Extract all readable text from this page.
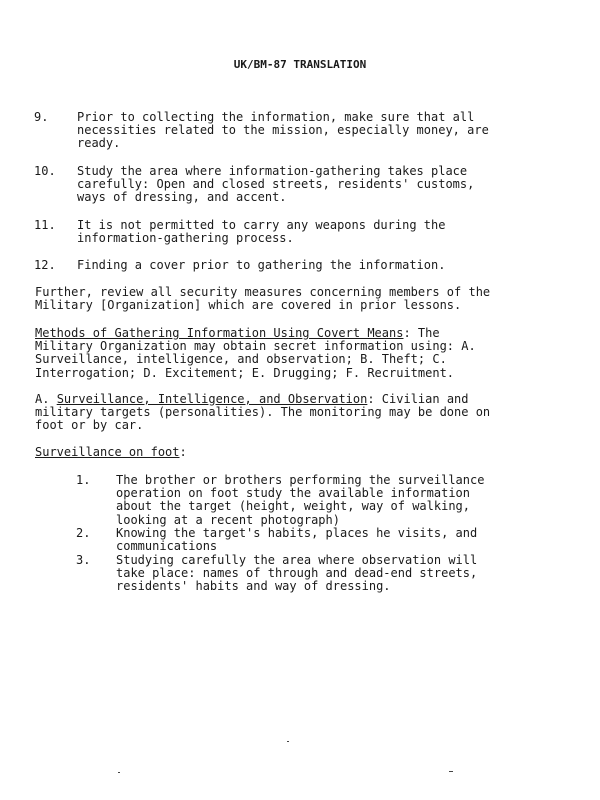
UK/BM-87 TRANSLATION
9. Prior to collecting the information, make sure that all
necessities related to the mission, especially money, are
ready.
10. Study the area where information-gathering takes place
carefully: Open and closed streets, residents' customs,
ways of dressing, and accent.
11. It is not permitted to carry any weapons during the
information-gathering process.
12. Finding a cover prior to gathering the information.
Further, review all security measures concerning members of the
Military [Organization] which are covered in prior lessons.
Methods of Gathering Information Using Covert Means: The
Military Organization may obtain secret information using: A.
Surveillance, intelligence, and observation; B. Theft; C.
Interrogation; D. Excitement; E. Drugging; F. Recruitment.
A. Surveillance, Intelligence, and Observation: Civilian and
military targets (personalities). The monitoring may be done on
foot or by car.
Surveillance on foot:
1. The brother or brothers performing the surveillance
operation on foot study the available information
about the target (height, weight, way of walking,
looking at a recent photograph)
2. Knowing the target's habits, places he visits, and
communications
3. Studying carefully the area where observation will
take place: names of through and dead-end streets,
residents' habits and way of dressing.
